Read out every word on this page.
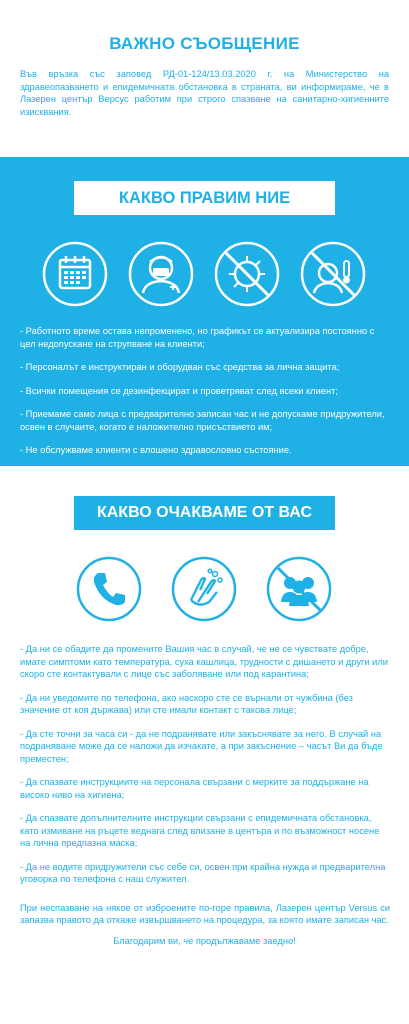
ВАЖНО СЪОБЩЕНИЕ
Във връзка със заповед РД-01-124/13.03.2020 г. на Министерство на здравеопазването и епидемичната обстановка в страната, ви информираме, че в Лазерен център Версус работим при строго спазване на санитарно-хигиенните изисквания.
КАКВО ПРАВИМ НИЕ

- Работното време остава непроменено, но графикът се актуализира постоянно с цел недопускане на струпване на клиенти;

- Персоналът е инструктиран и оборудван със средства за лична защита;

- Всички помещения се дезинфекцират и проветряват след всеки клиент;

- Приемаме само лица с предварително записан час и не допускаме придружители, освен в случаите, когато е наложително присъствието им;

- Не обслужваме клиенти с влошено здравословно състояние.

КАКВО ОЧАКВАМЕ ОТ ВАС

- Да ни се обадите да промените Вашия час в случай, че не се чувствате добре, имате симптоми като температура, суха кашлица, трудности с дишането и други или скоро сте контактували с лице със заболяване или под карантина;

- Да ни уведомите по телефона, ако наскоро сте се върнали от чужбина (без значение от коя държава) или сте имали контакт с такова лице;

- Да сте точни за часа си - да не подранявате или закъснявате за него. В случай на подраняване може да се наложи да изчакате, а при закъснение – часът Ви да бъде преместен;

- Да спазвате инструкциите на персонала свързани с мерките за поддържане на високо ниво на хигиена;

- Да спазвате допълнителните инструкции свързани с епидемичната обстановка, като измиване на ръцете веднага след влизане в центъра и по възможност носене на лична предпазна маска;

- Да не водите придружители със себе си, освен при крайна нужда и предварителна уговорка по телефона с наш служител.

При неспазване на някое от изброените по-горе правила, Лазерен център Versus си запазва правото да откаже извършването на процедура, за която имате записан час.

Благодарим ви, че продължаваме заедно!
